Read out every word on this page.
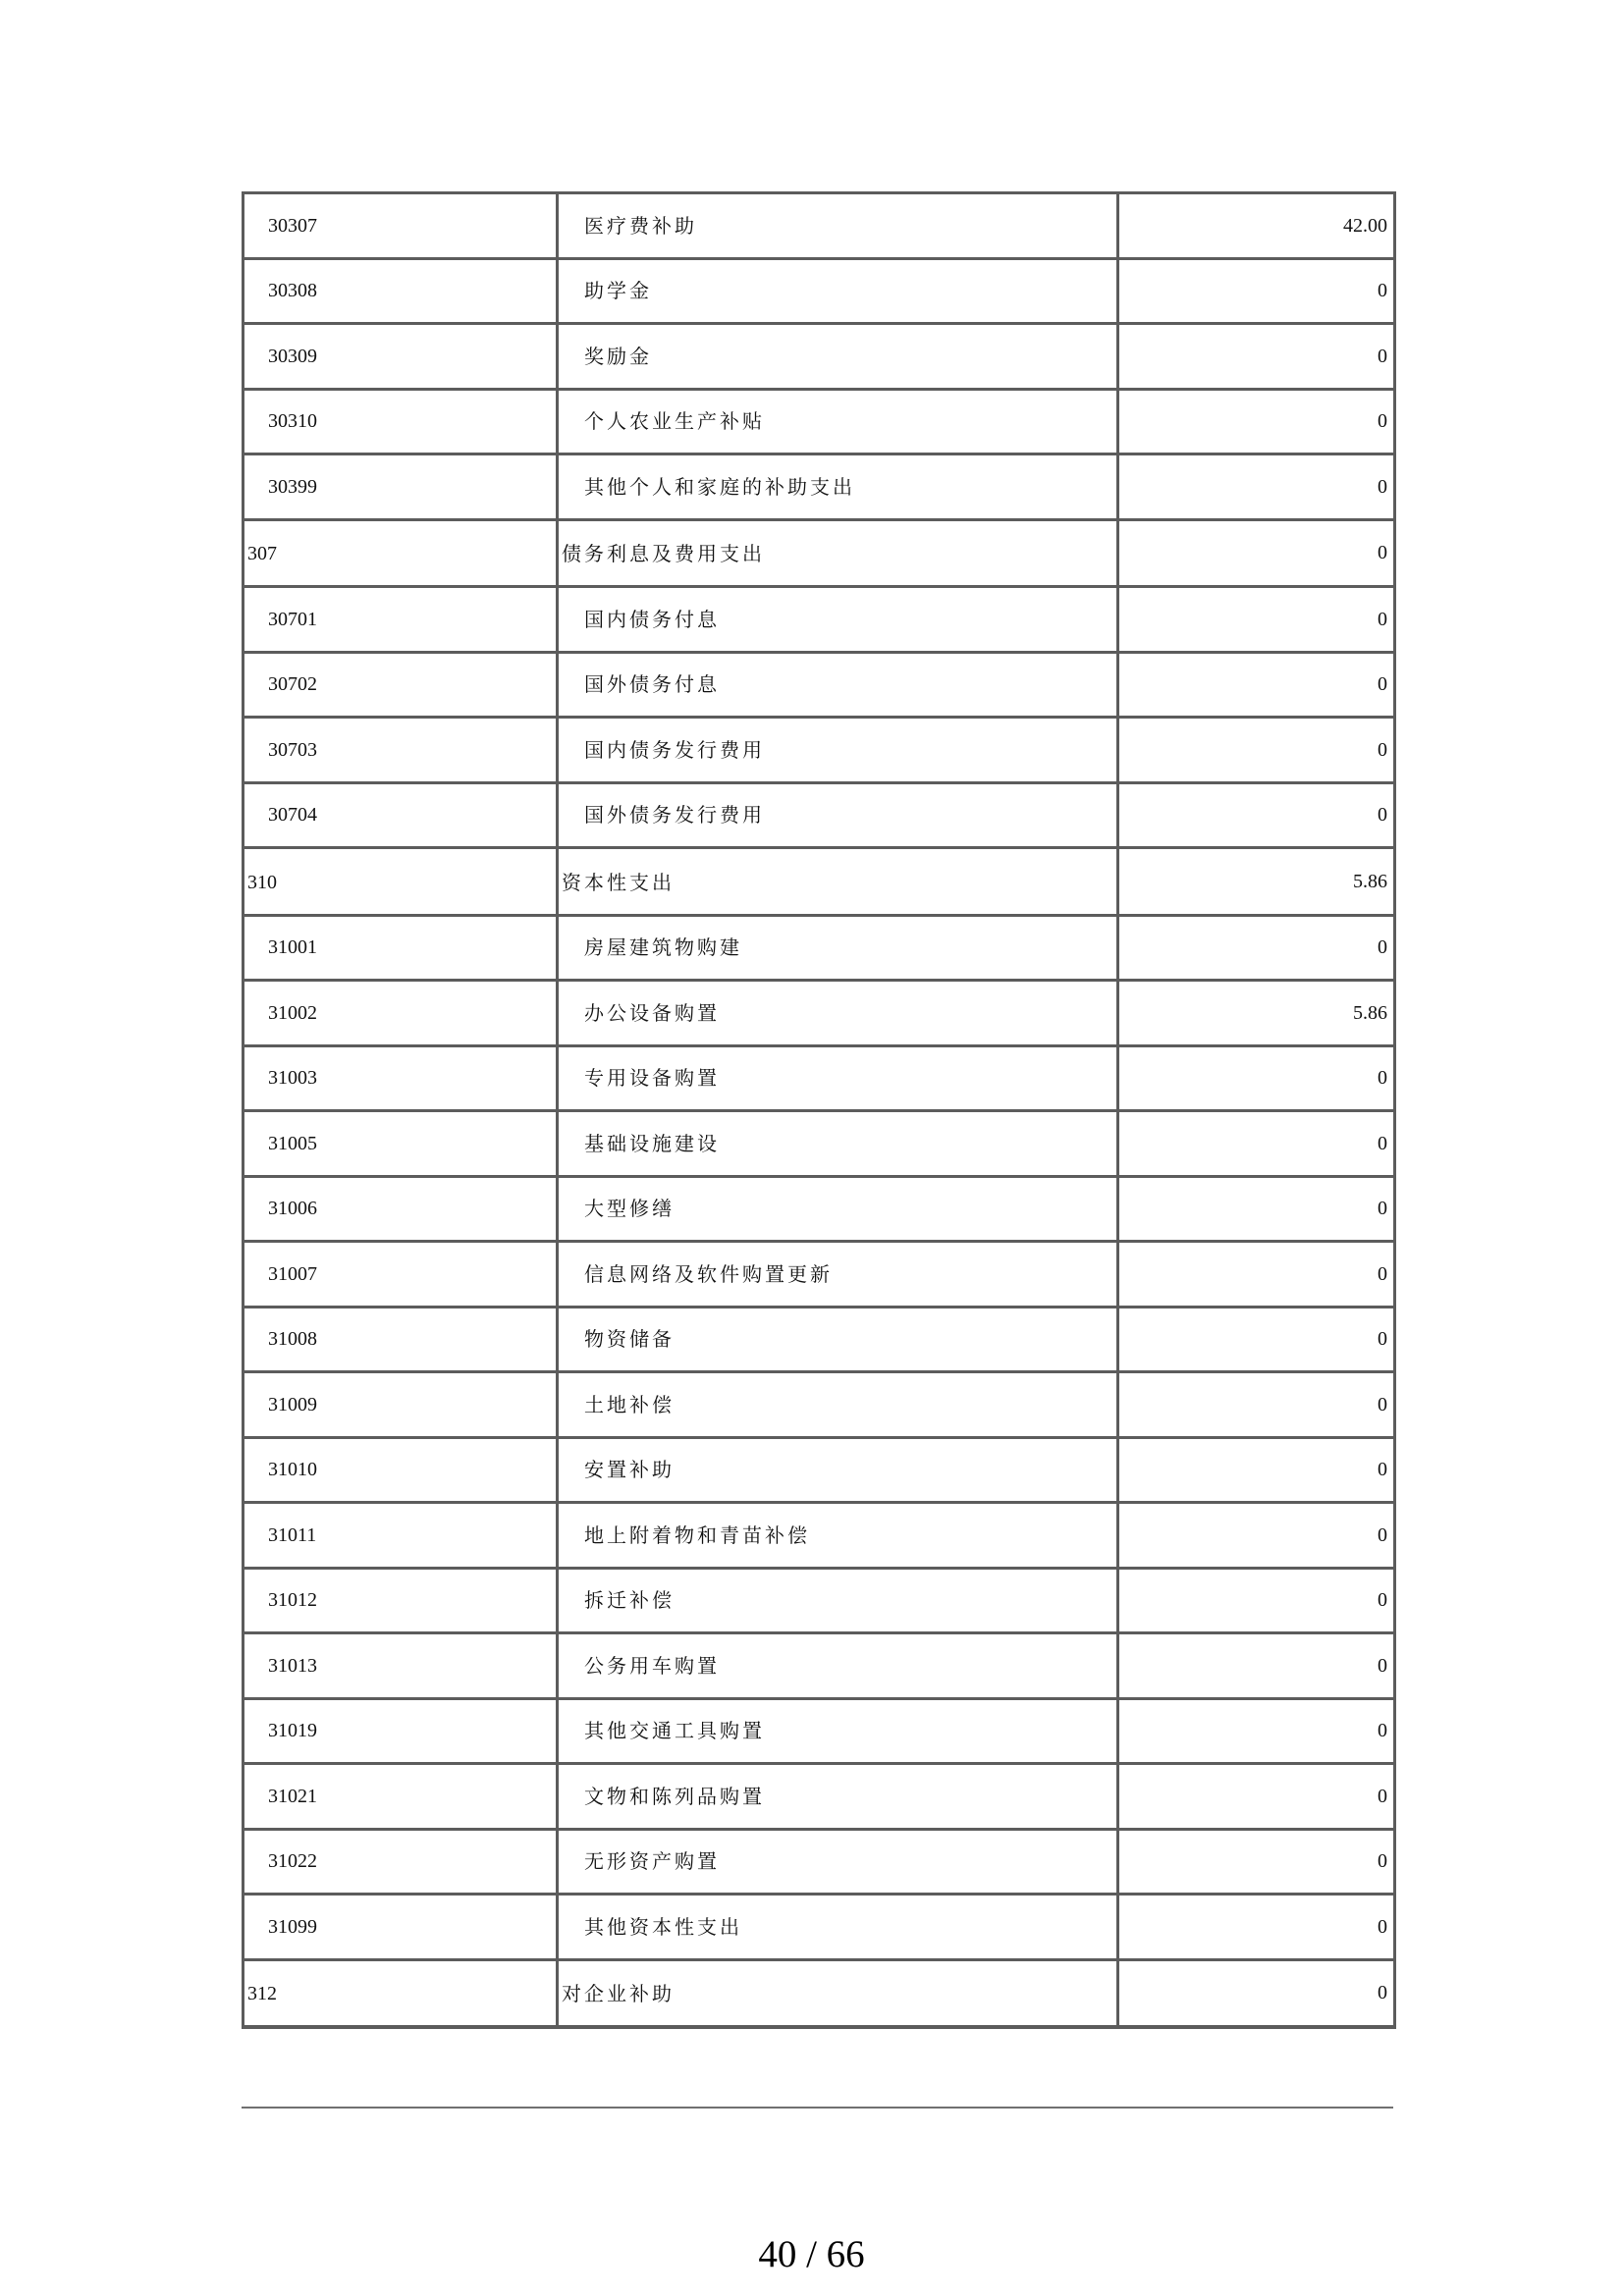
30307	医疗费补助	42.00
30308	助学金	0
30309	奖励金	0
30310	个人农业生产补贴	0
30399	其他个人和家庭的补助支出	0
307	债务利息及费用支出	0
30701	国内债务付息	0
30702	国外债务付息	0
30703	国内债务发行费用	0
30704	国外债务发行费用	0
310	资本性支出	5.86
31001	房屋建筑物购建	0
31002	办公设备购置	5.86
31003	专用设备购置	0
31005	基础设施建设	0
31006	大型修缮	0
31007	信息网络及软件购置更新	0
31008	物资储备	0
31009	土地补偿	0
31010	安置补助	0
31011	地上附着物和青苗补偿	0
31012	拆迁补偿	0
31013	公务用车购置	0
31019	其他交通工具购置	0
31021	文物和陈列品购置	0
31022	无形资产购置	0
31099	其他资本性支出	0
312	对企业补助	0
40 / 66
